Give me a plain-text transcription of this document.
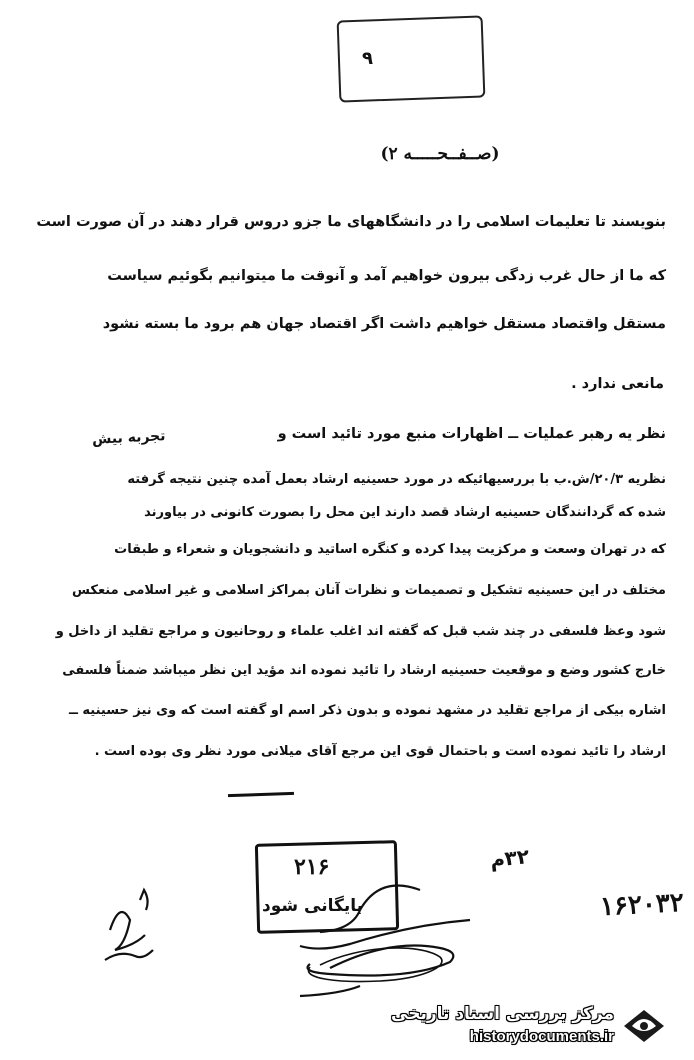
۹
(صــفــحـــــه ۲)
بنویسند تا تعلیمات اسلامی را در دانشگاههای ما جزو دروس قرار دهند در آن صورت است
که ما از حال غرب زدگی بیرون خواهیم آمد و آنوقت ما میتوانیم بگوئیم سیاست
مستقل واقتصاد مستقل خواهیم داشت اگر اقتصاد جهان هم برود ما بسته نشود
مانعی ندارد .
نظر یه رهبر عملیات ــ اظهارات منبع مورد تائید است و
تجربه بیش
نظریه ۲۰/۳/ش.ب با بررسیهائیکه در مورد حسینیه ارشاد بعمل آمده چنین نتیجه گرفته
شده که گردانندگان حسینیه ارشاد قصد دارند این محل را بصورت کانونی در بیاورند
که در تهران وسعت و مرکزیت پیدا کرده و کنگره اساتید و دانشجویان و شعراء و طبقات
مختلف در این حسینیه تشکیل و تصمیمات و نظرات آنان بمراکز اسلامی و غیر اسلامی منعکس
شود وعظ فلسفی در چند شب قبل که گفته اند اغلب علماء و روحانیون و مراجع تقلید از داخل و
خارج کشور وضع و موقعیت حسینیه ارشاد را تائید نموده اند مؤید این نظر میباشد ضمناً فلسفی
اشاره بیکی از مراجع تقلید در مشهد نموده و بدون ذکر اسم او گفته است که وی نیز حسینیه ــ
ارشاد را تائید نموده است و باحتمال قوی این مرجع آقای میلانی مورد نظر وی بوده است .
۳۲م
۲۱۶
بایگانی شود	۱۶۲۰۳۲
مرکز بررسی اسناد تاریخی
historydocuments.ir
